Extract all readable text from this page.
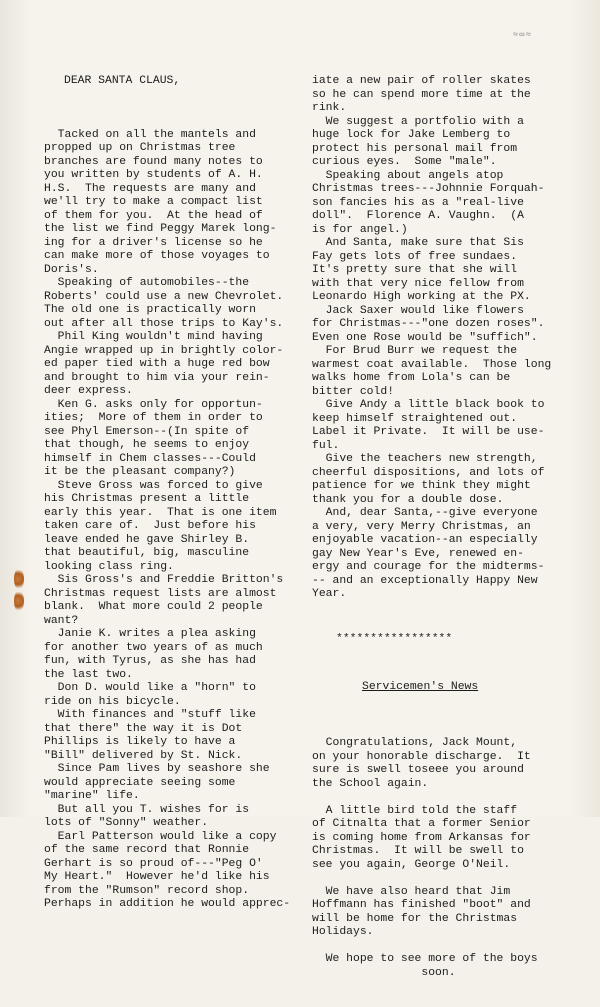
≈∞≈

DEAR SANTA CLAUS,

Tacked on all the mantels and
propped up on Christmas tree
branches are found many notes to
you written by students of A. H.
H.S.  The requests are many and
we'll try to make a compact list
of them for you.  At the head of
the list we find Peggy Marek long-
ing for a driver's license so he
can make more of those voyages to
Doris's.
Speaking of automobiles--the
Roberts' could use a new Chevrolet.
The old one is practically worn
out after all those trips to Kay's.
Phil King wouldn't mind having
Angie wrapped up in brightly color-
ed paper tied with a huge red bow
and brought to him via your rein-
deer express.
Ken G. asks only for opportun-
ities;  More of them in order to
see Phyl Emerson--(In spite of
that though, he seems to enjoy
himself in Chem classes---Could
it be the pleasant company?)
Steve Gross was forced to give
his Christmas present a little
early this year.  That is one item
taken care of.  Just before his
leave ended he gave Shirley B.
that beautiful, big, masculine
looking class ring.
Sis Gross's and Freddie Britton's
Christmas request lists are almost
blank.  What more could 2 people
want?
Janie K. writes a plea asking
for another two years of as much
fun, with Tyrus, as she has had
the last two.
Don D. would like a "horn" to
ride on his bicycle.
With finances and "stuff like
that there" the way it is Dot
Phillips is likely to have a
"Bill" delivered by St. Nick.
Since Pam lives by seashore she
would appreciate seeing some
"marine" life.
But all you T. wishes for is
lots of "Sonny" weather.
Earl Patterson would like a copy
of the same record that Ronnie
Gerhart is so proud of---"Peg O'
My Heart."  However he'd like his
from the "Rumson" record shop.
Perhaps in addition he would apprec-

iate a new pair of roller skates
so he can spend more time at the
rink.
We suggest a portfolio with a
huge lock for Jake Lemberg to
protect his personal mail from
curious eyes.  Some "male".
Speaking about angels atop
Christmas trees---Johnnie Forquah-
son fancies his as a "real-live
doll".  Florence A. Vaughn.  (A
is for angel.)
And Santa, make sure that Sis
Fay gets lots of free sundaes.
It's pretty sure that she will
with that very nice fellow from
Leonardo High working at the PX.
Jack Saxer would like flowers
for Christmas---"one dozen roses".
Even one Rose would be "suffich".
For Brud Burr we request the
warmest coat available.  Those long
walks home from Lola's can be
bitter cold!
Give Andy a little black book to
keep himself straightened out.
Label it Private.  It will be use-
ful.
Give the teachers new strength,
cheerful dispositions, and lots of
patience for we think they might
thank you for a double dose.
And, dear Santa,--give everyone
a very, very Merry Christmas, an
enjoyable vacation--an especially
gay New Year's Eve, renewed en-
ergy and courage for the midterms-
-- and an exceptionally Happy New
Year.

*****************

Servicemen's News

Congratulations, Jack Mount,
on your honorable discharge.  It
sure is swell toseee you around
the School again.
A little bird told the staff
of Citnalta that a former Senior
is coming home from Arkansas for
Christmas.  It will be swell to
see you again, George O'Neil.
We have also heard that Jim
Hoffmann has finished "boot" and
will be home for the Christmas
Holidays.
We hope to see more of the boys
soon.
